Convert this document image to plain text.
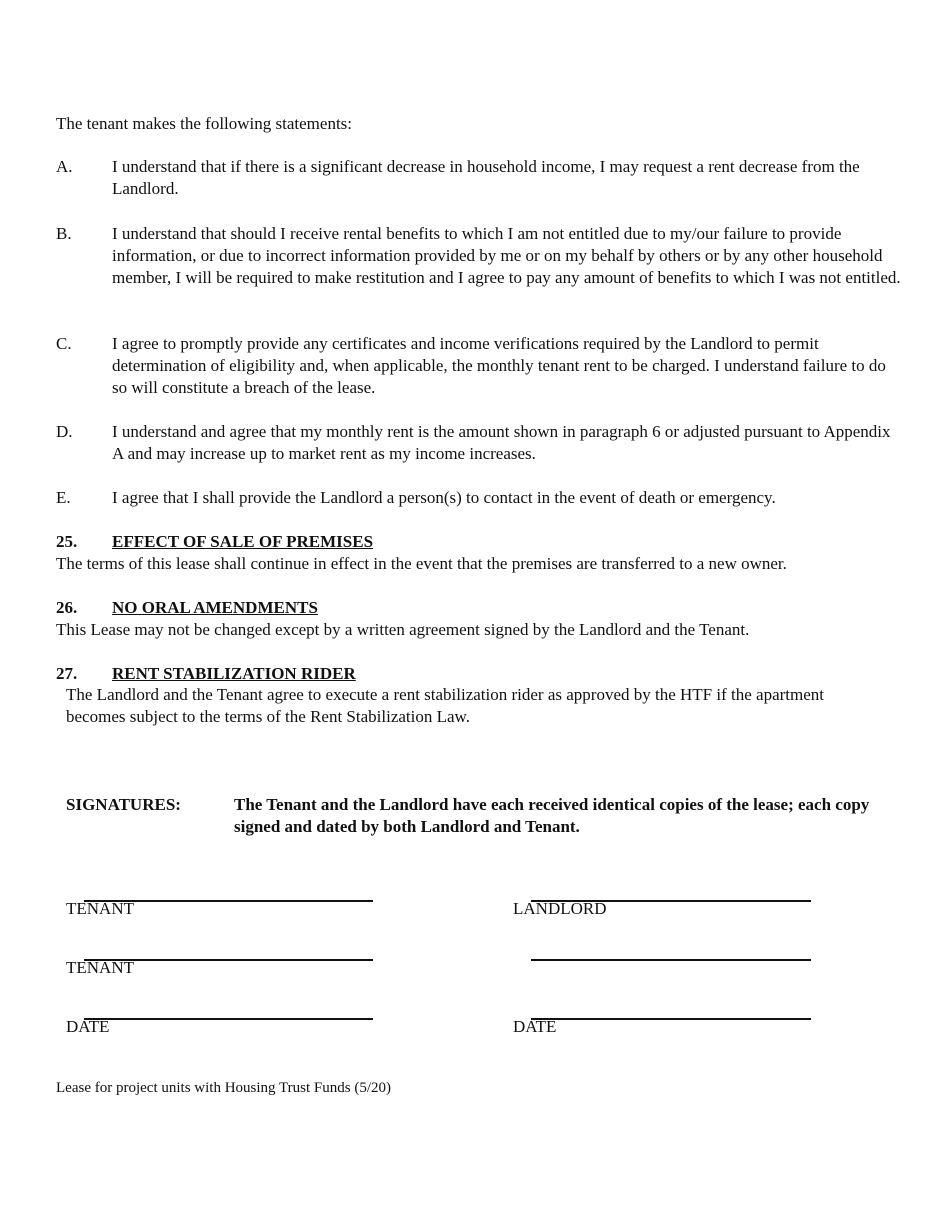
The tenant makes the following statements:
A.	I understand that if there is a significant decrease in household income, I may request a rent decrease from the Landlord.
B.	I understand that should I receive rental benefits to which I am not entitled due to my/our failure to provide information, or due to incorrect information provided by me or on my behalf by others or by any other household member, I will be required to make restitution and I agree to pay any amount of benefits to which I was not entitled.
C.	I agree to promptly provide any certificates and income verifications required by the Landlord to permit determination of eligibility and, when applicable, the monthly tenant rent to be charged. I understand failure to do so will constitute a breach of the lease.
D.	I understand and agree that my monthly rent is the amount shown in paragraph 6 or adjusted pursuant to Appendix A and may increase up to market rent as my income increases.
E.	I agree that I shall provide the Landlord a person(s) to contact in the event of death or emergency.
25. EFFECT OF SALE OF PREMISES
The terms of this lease shall continue in effect in the event that the premises are transferred to a new owner.
26. NO ORAL AMENDMENTS
This Lease may not be changed except by a written agreement signed by the Landlord and the Tenant.
27. RENT STABILIZATION RIDER
The Landlord and the Tenant agree to execute a rent stabilization rider as approved by the HTF if the apartment becomes subject to the terms of the Rent Stabilization Law.
SIGNATURES:	The Tenant and the Landlord have each received identical copies of the lease; each copy signed and dated by both Landlord and Tenant.
TENANT	LANDLORD
TENANT
DATE	DATE
Lease for project units with Housing Trust Funds (5/20)
